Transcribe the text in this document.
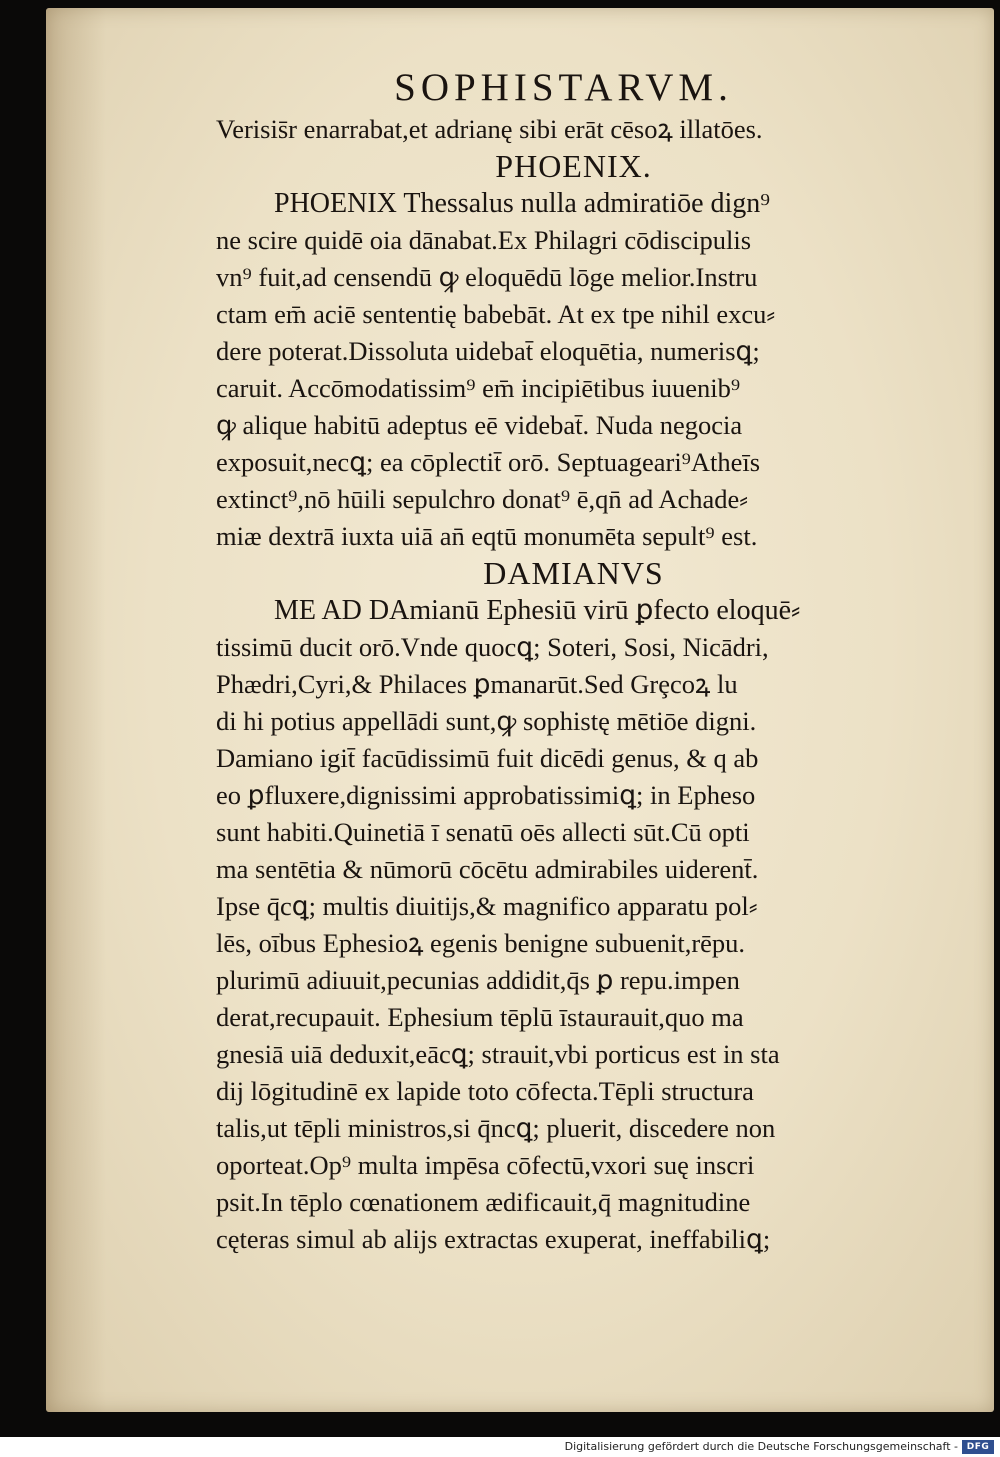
SOPHISTARVM.
Verisis̄r enarrabat,et adrianę sibi erāt cēsoꝝ illatōes.
PHOENIX.
PHOENIX Thessalus nulla admiratiōe dign⁹
ne scire quidē oia dānabat.Ex Philagri cōdiscipulis
vn⁹ fuit,ad censendū ꝙ eloquēdū lōge melior.Instru
ctam em̄ aciē sententię babebāt. At ex tpe nihil excu⸗
dere poterat.Dissoluta uidebat̄ eloquētia, numerisꝗ;
caruit. Accōmodatissim⁹ em̄ incipiētibus iuuenib⁹
ꝙ alique habitū adeptus eē videbat̄. Nuda negocia
exposuit,necꝗ; ea cōplectit̄ orō. Septuageari⁹Atheīs
extinct⁹,nō hūili sepulchro donat⁹ ē,qn̄ ad Achade⸗
miæ dextrā iuxta uiā an̄ eqtū monumēta sepult⁹ est.
DAMIANVS
ME AD DAmianū Ephesiū virū ꝑfecto eloquē⸗
tissimū ducit orō.Vnde quocꝗ; Soteri, Sosi, Nicādri,
Phædri,Cyri,& Philaces ꝑmanarūt.Sed Grȩcoꝝ lu
di hi potius appellādi sunt,ꝙ sophistę mētiōe digni.
Damiano igit̄ facūdissimū fuit dicēdi genus, & q ab
eo ꝑfluxere,dignissimi approbatissimiꝗ; in Epheso
sunt habiti.Quinetiā ī senatū oēs allecti sūt.Cū opti
ma sentētia & nūmorū cōcētu admirabiles uiderent̄.
Ipse q̄cꝗ; multis diuitijs,& magnifico apparatu pol⸗
lēs, oībus Ephesioꝝ egenis benigne subuenit,rēpu.
plurimū adiuuit,pecunias addidit,q̄s ꝑ repu.impen
derat,recupauit. Ephesium tēplū īstaurauit,quo ma
gnesiā uiā deduxit,eācꝗ; strauit,vbi porticus est in sta
dij lōgitudinē ex lapide toto cōfecta.Tēpli structura
talis,ut tēpli ministros,si q̄ncꝗ; pluerit, discedere non
oporteat.Op⁹ multa impēsa cōfectū,vxori suę inscri
psit.In tēplo cœnationem ædificauit,q̄ magnitudine
cęteras simul ab alijs extractas exuperat, ineffabiliꝗ;
Digitalisierung gefördert durch die Deutsche Forschungsgemeinschaft - DFG
